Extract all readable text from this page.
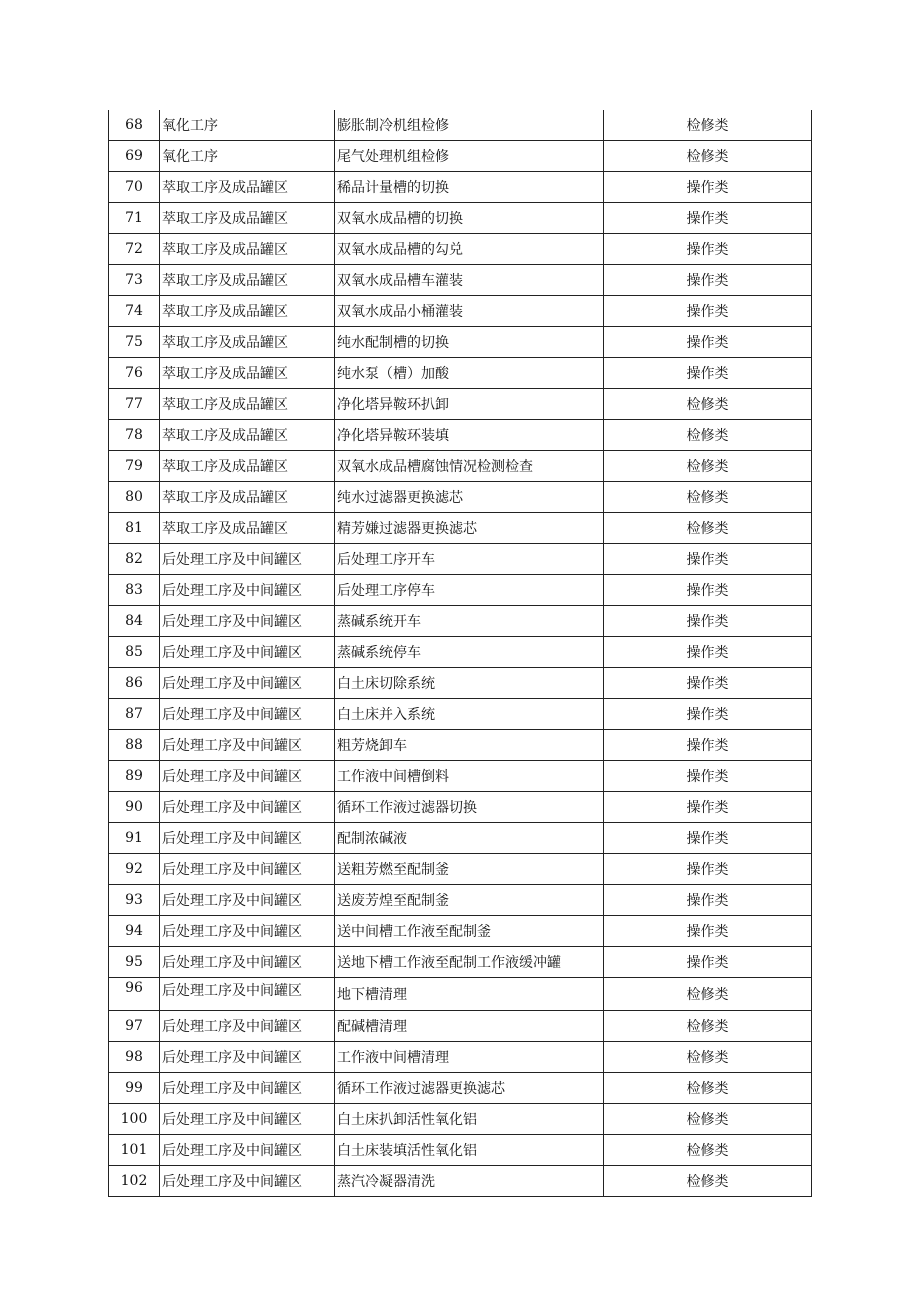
68	氧化工序	膨胀制冷机组检修	检修类
69	氧化工序	尾气处理机组检修	检修类
70	萃取工序及成品罐区	稀品计量槽的切换	操作类
71	萃取工序及成品罐区	双氧水成品槽的切换	操作类
72	萃取工序及成品罐区	双氧水成品槽的勾兑	操作类
73	萃取工序及成品罐区	双氧水成品槽车灌装	操作类
74	萃取工序及成品罐区	双氧水成品小桶灌装	操作类
75	萃取工序及成品罐区	纯水配制槽的切换	操作类
76	萃取工序及成品罐区	纯水泵（槽）加酸	操作类
77	萃取工序及成品罐区	净化塔异鞍环扒卸	检修类
78	萃取工序及成品罐区	净化塔异鞍环装填	检修类
79	萃取工序及成品罐区	双氧水成品槽腐蚀情况检测检查	检修类
80	萃取工序及成品罐区	纯水过滤器更换滤芯	检修类
81	萃取工序及成品罐区	精芳嫌过滤器更换滤芯	检修类
82	后处理工序及中间罐区	后处理工序开车	操作类
83	后处理工序及中间罐区	后处理工序停车	操作类
84	后处理工序及中间罐区	蒸碱系统开车	操作类
85	后处理工序及中间罐区	蒸碱系统停车	操作类
86	后处理工序及中间罐区	白土床切除系统	操作类
87	后处理工序及中间罐区	白土床并入系统	操作类
88	后处理工序及中间罐区	粗芳烧卸车	操作类
89	后处理工序及中间罐区	工作液中间槽倒料	操作类
90	后处理工序及中间罐区	循环工作液过滤器切换	操作类
91	后处理工序及中间罐区	配制浓碱液	操作类
92	后处理工序及中间罐区	送粗芳燃至配制釜	操作类
93	后处理工序及中间罐区	送废芳煌至配制釜	操作类
94	后处理工序及中间罐区	送中间槽工作液至配制釜	操作类
95	后处理工序及中间罐区	送地下槽工作液至配制工作液缓冲罐	操作类
96	后处理工序及中间罐区	地下槽清理	检修类
97	后处理工序及中间罐区	配碱槽清理	检修类
98	后处理工序及中间罐区	工作液中间槽清理	检修类
99	后处理工序及中间罐区	循环工作液过滤器更换滤芯	检修类
100	后处理工序及中间罐区	白土床扒卸活性氧化铝	检修类
101	后处理工序及中间罐区	白土床装填活性氧化铝	检修类
102	后处理工序及中间罐区	蒸汽冷凝器清洗	检修类
